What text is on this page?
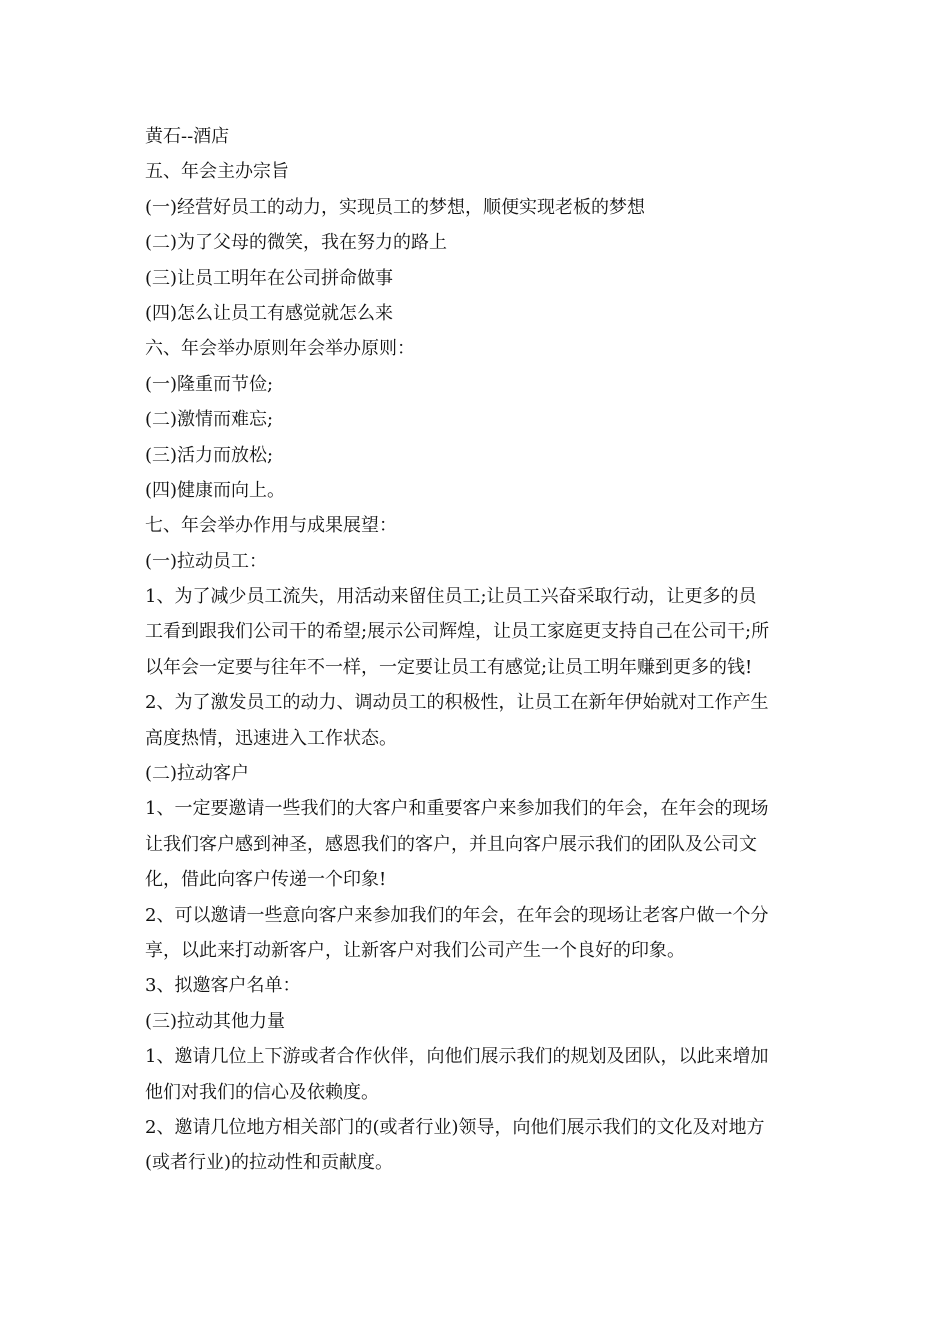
黄石--酒店
五、年会主办宗旨
(一)经营好员工的动力，实现员工的梦想，顺便实现老板的梦想
(二)为了父母的微笑，我在努力的路上
(三)让员工明年在公司拼命做事
(四)怎么让员工有感觉就怎么来
六、年会举办原则年会举办原则：
(一)隆重而节俭;
(二)激情而难忘;
(三)活力而放松;
(四)健康而向上。
七、年会举办作用与成果展望：
(一)拉动员工：
1、为了减少员工流失，用活动来留住员工;让员工兴奋采取行动，让更多的员
工看到跟我们公司干的希望;展示公司辉煌，让员工家庭更支持自己在公司干;所
以年会一定要与往年不一样，一定要让员工有感觉;让员工明年赚到更多的钱!
2、为了激发员工的动力、调动员工的积极性，让员工在新年伊始就对工作产生
高度热情，迅速进入工作状态。
(二)拉动客户
1、一定要邀请一些我们的大客户和重要客户来参加我们的年会，在年会的现场
让我们客户感到神圣，感恩我们的客户，并且向客户展示我们的团队及公司文
化，借此向客户传递一个印象!
2、可以邀请一些意向客户来参加我们的年会，在年会的现场让老客户做一个分
享，以此来打动新客户，让新客户对我们公司产生一个良好的印象。
3、拟邀客户名单：
(三)拉动其他力量
1、邀请几位上下游或者合作伙伴，向他们展示我们的规划及团队，以此来增加
他们对我们的信心及依赖度。
2、邀请几位地方相关部门的(或者行业)领导，向他们展示我们的文化及对地方
(或者行业)的拉动性和贡献度。
